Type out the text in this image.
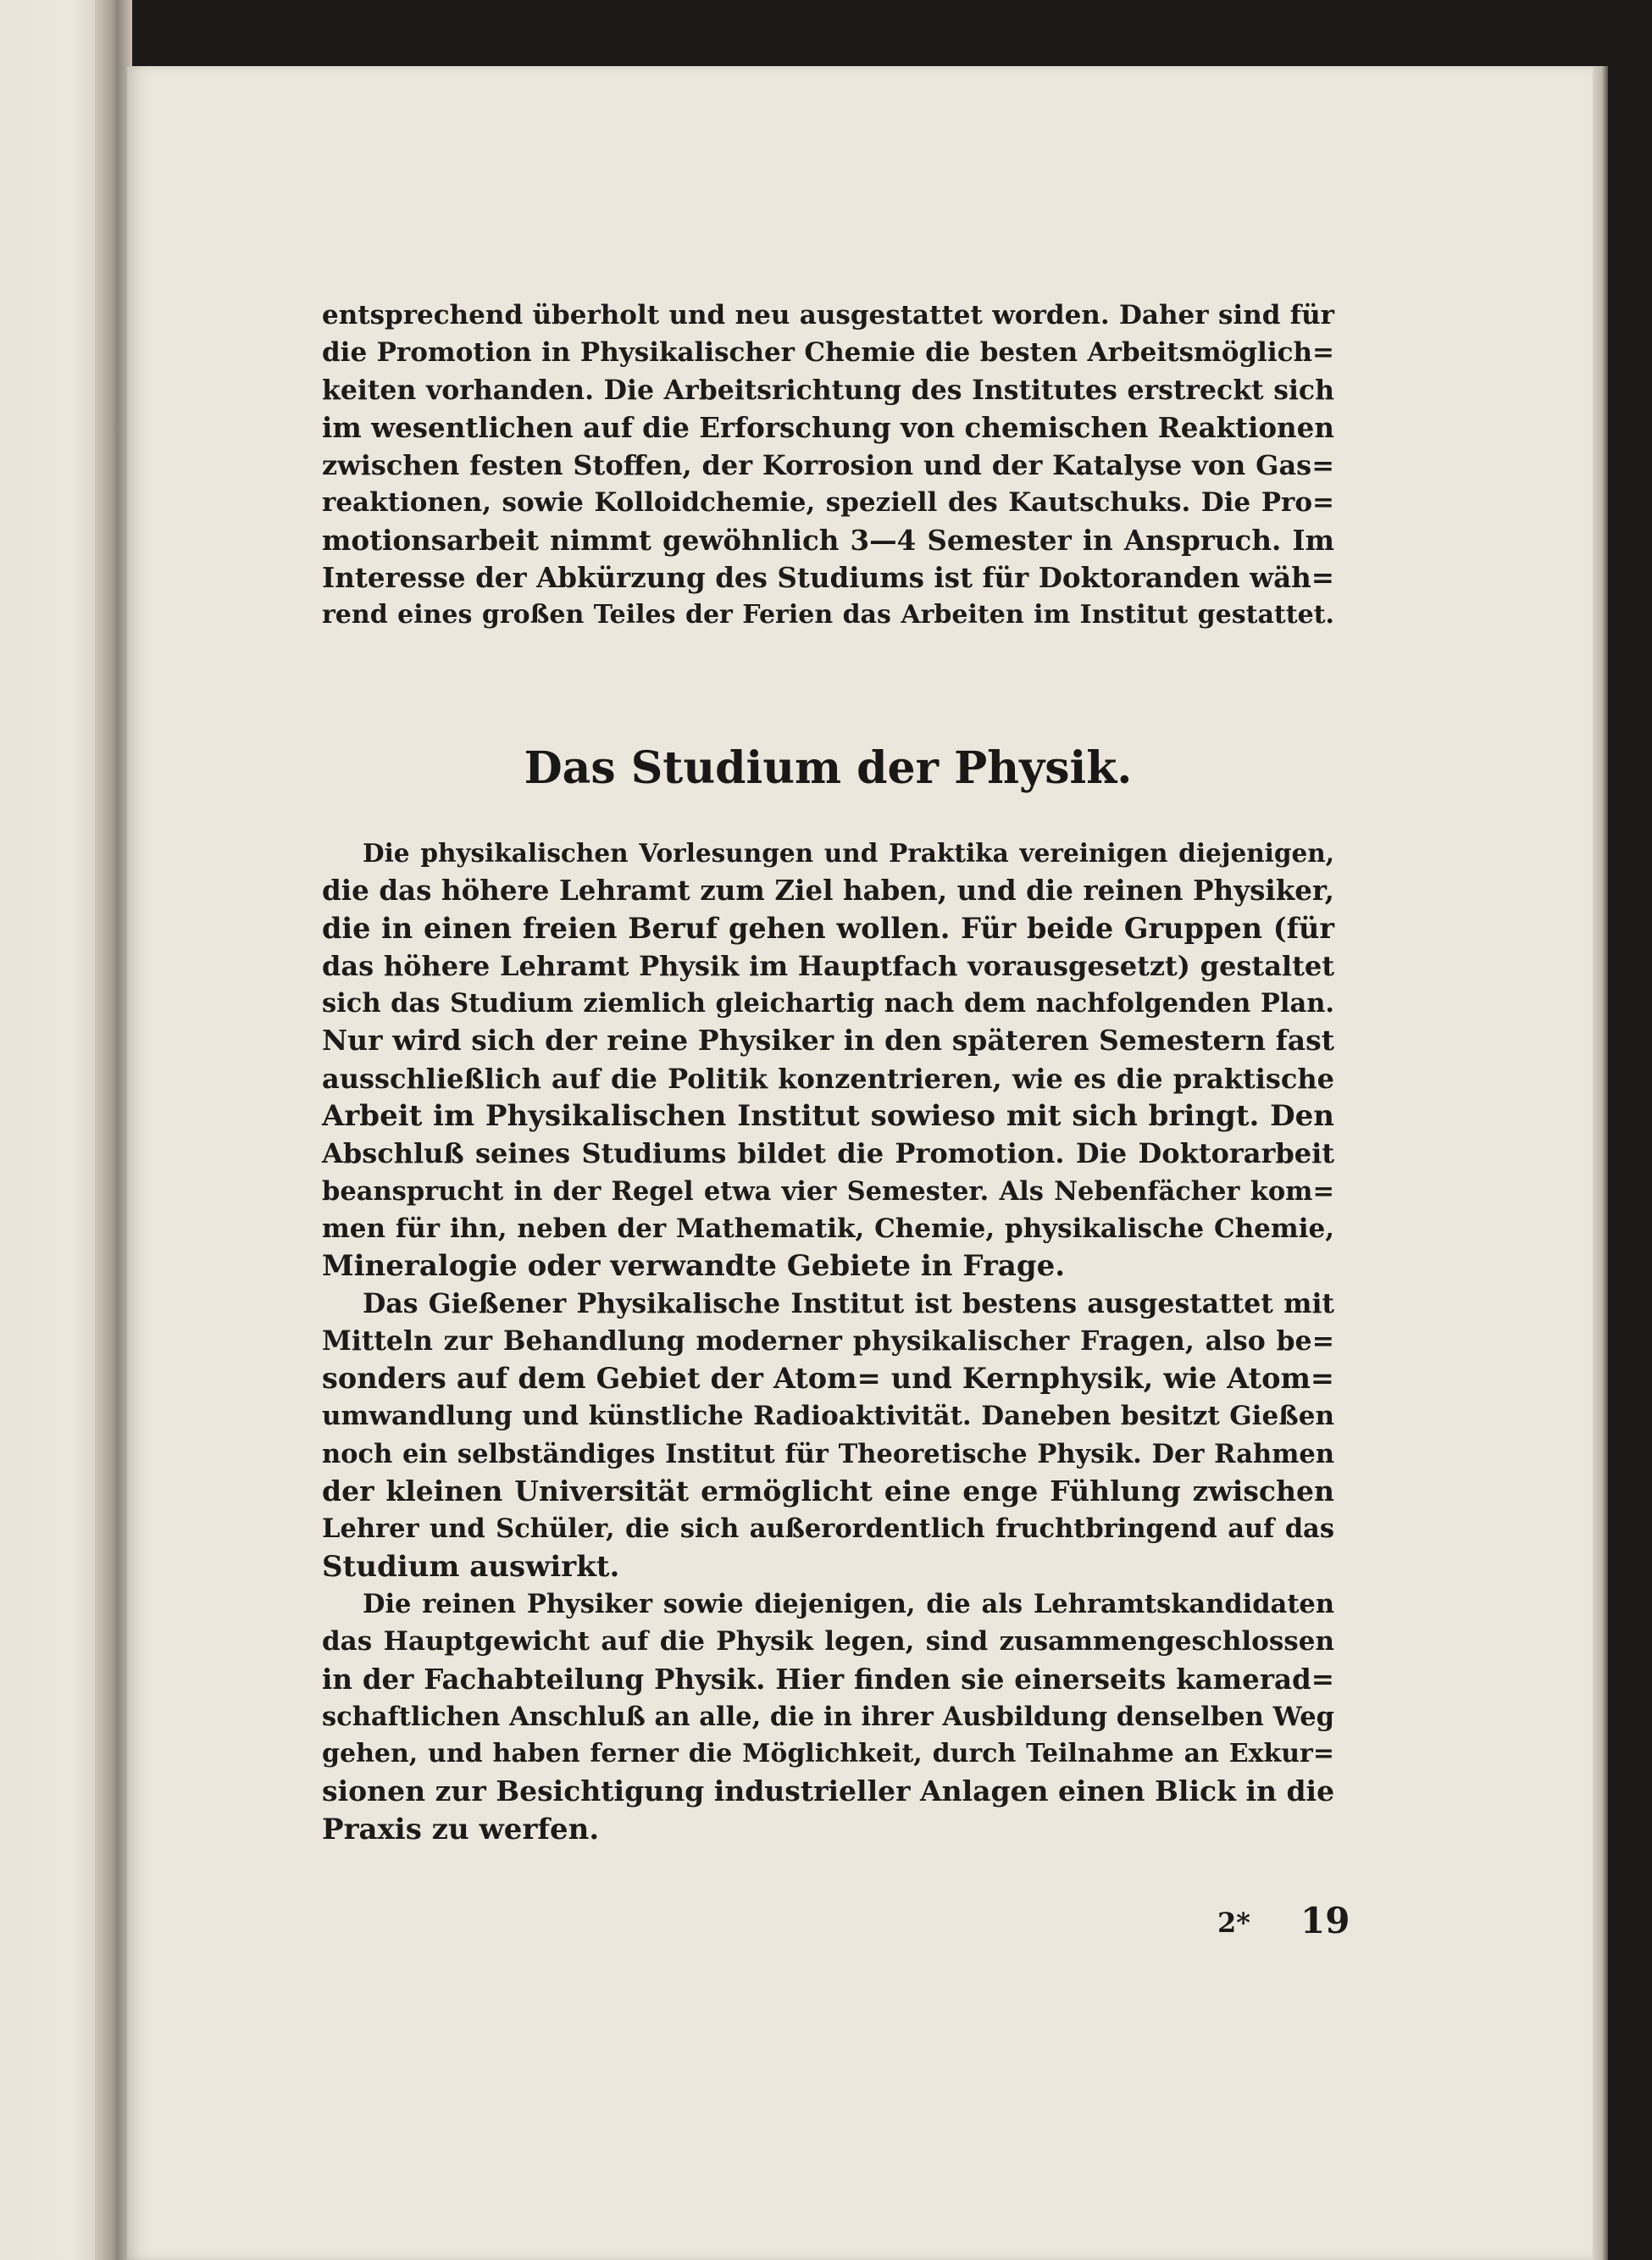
entsprechend überholt und neu ausgestattet worden. Daher sind für
die Promotion in Physikalischer Chemie die besten Arbeitsmöglich=
keiten vorhanden. Die Arbeitsrichtung des Institutes erstreckt sich
im wesentlichen auf die Erforschung von chemischen Reaktionen
zwischen festen Stoffen, der Korrosion und der Katalyse von Gas=
reaktionen, sowie Kolloidchemie, speziell des Kautschuks. Die Pro=
motionsarbeit nimmt gewöhnlich 3—4 Semester in Anspruch. Im
Interesse der Abkürzung des Studiums ist für Doktoranden wäh=
rend eines großen Teiles der Ferien das Arbeiten im Institut gestattet.
Das Studium der Physik.
Die physikalischen Vorlesungen und Praktika vereinigen diejenigen,
die das höhere Lehramt zum Ziel haben, und die reinen Physiker,
die in einen freien Beruf gehen wollen. Für beide Gruppen (für
das höhere Lehramt Physik im Hauptfach vorausgesetzt) gestaltet
sich das Studium ziemlich gleichartig nach dem nachfolgenden Plan.
Nur wird sich der reine Physiker in den späteren Semestern fast
ausschließlich auf die Politik konzentrieren, wie es die praktische
Arbeit im Physikalischen Institut sowieso mit sich bringt. Den
Abschluß seines Studiums bildet die Promotion. Die Doktorarbeit
beansprucht in der Regel etwa vier Semester. Als Nebenfächer kom=
men für ihn, neben der Mathematik, Chemie, physikalische Chemie,
Mineralogie oder verwandte Gebiete in Frage.
Das Gießener Physikalische Institut ist bestens ausgestattet mit
Mitteln zur Behandlung moderner physikalischer Fragen, also be=
sonders auf dem Gebiet der Atom= und Kernphysik, wie Atom=
umwandlung und künstliche Radioaktivität. Daneben besitzt Gießen
noch ein selbständiges Institut für Theoretische Physik. Der Rahmen
der kleinen Universität ermöglicht eine enge Fühlung zwischen
Lehrer und Schüler, die sich außerordentlich fruchtbringend auf das
Studium auswirkt.
Die reinen Physiker sowie diejenigen, die als Lehramtskandidaten
das Hauptgewicht auf die Physik legen, sind zusammengeschlossen
in der Fachabteilung Physik. Hier finden sie einerseits kamerad=
schaftlichen Anschluß an alle, die in ihrer Ausbildung denselben Weg
gehen, und haben ferner die Möglichkeit, durch Teilnahme an Exkur=
sionen zur Besichtigung industrieller Anlagen einen Blick in die
Praxis zu werfen.
2* 19
